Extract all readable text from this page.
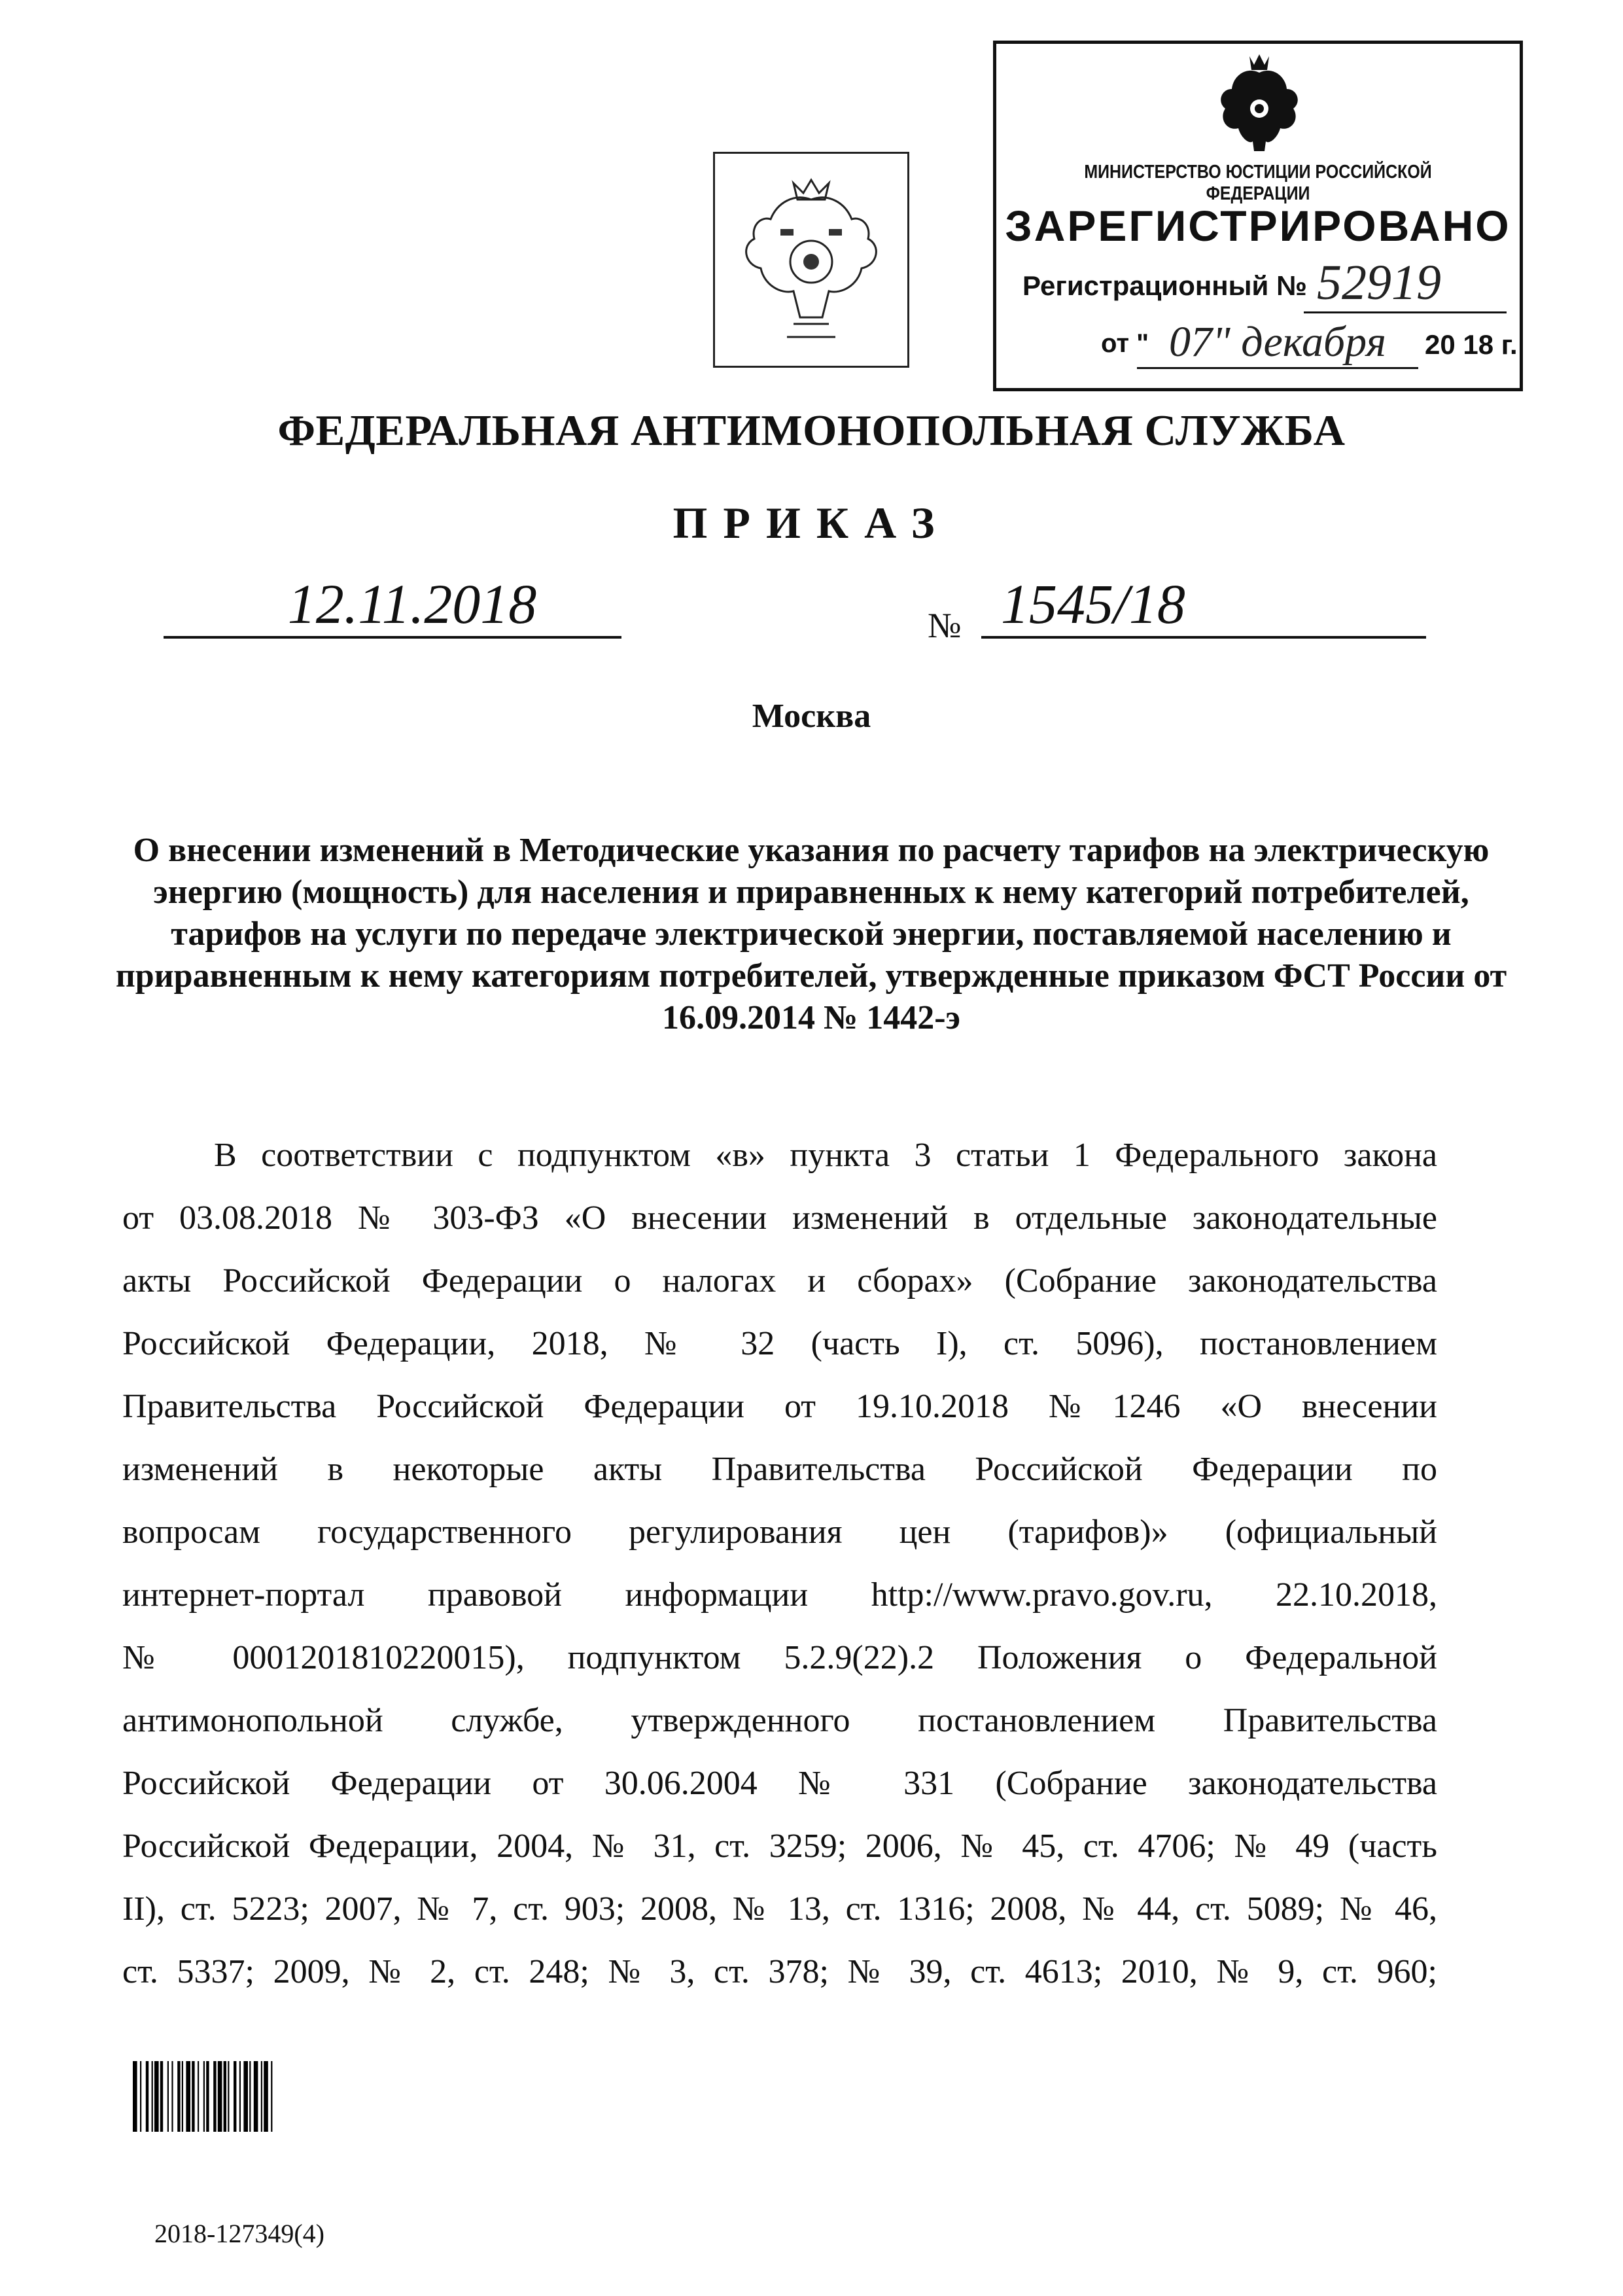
МИНИСТЕРСТВО ЮСТИЦИИ РОССИЙСКОЙ ФЕДЕРАЦИИ
ЗАРЕГИСТРИРОВАНО
Регистрационный № 52919
от " 07" декабря	20 18 г.
ФЕДЕРАЛЬНАЯ АНТИМОНОПОЛЬНАЯ СЛУЖБА
ПРИКАЗ
12.11.2018	№ 1545/18
Москва
О внесении изменений в Методические указания по расчету тарифов на электрическую энергию (мощность) для населения и приравненных к нему категорий потребителей, тарифов на услуги по передаче электрической энергии, поставляемой населению и приравненным к нему категориям потребителей, утвержденные приказом ФСТ России от 16.09.2014 № 1442-э
В соответствии с подпунктом «в» пункта 3 статьи 1 Федерального закона
от 03.08.2018 № 303-ФЗ «О внесении изменений в отдельные законодательные
акты Российской Федерации о налогах и сборах» (Собрание законодательства
Российской Федерации, 2018, № 32 (часть I), ст. 5096), постановлением
Правительства Российской Федерации от 19.10.2018 №1246 «О внесении
изменений в некоторые акты Правительства Российской Федерации по
вопросам государственного регулирования цен (тарифов)» (официальный
интернет-портал правовой информации http://www.pravo.gov.ru, 22.10.2018,
№ 0001201810220015), подпунктом 5.2.9(22).2 Положения о Федеральной
антимонопольной службе, утвержденного постановлением Правительства
Российской Федерации от 30.06.2004 № 331 (Собрание законодательства
Российской Федерации, 2004, № 31, ст. 3259; 2006, № 45, ст. 4706; № 49 (часть
II), ст. 5223; 2007, № 7, ст. 903; 2008, № 13, ст. 1316; 2008, № 44, ст. 5089; № 46,
ст. 5337; 2009, № 2, ст. 248; № 3, ст. 378; № 39, ст. 4613; 2010, № 9, ст. 960;
2018-127349(4)
